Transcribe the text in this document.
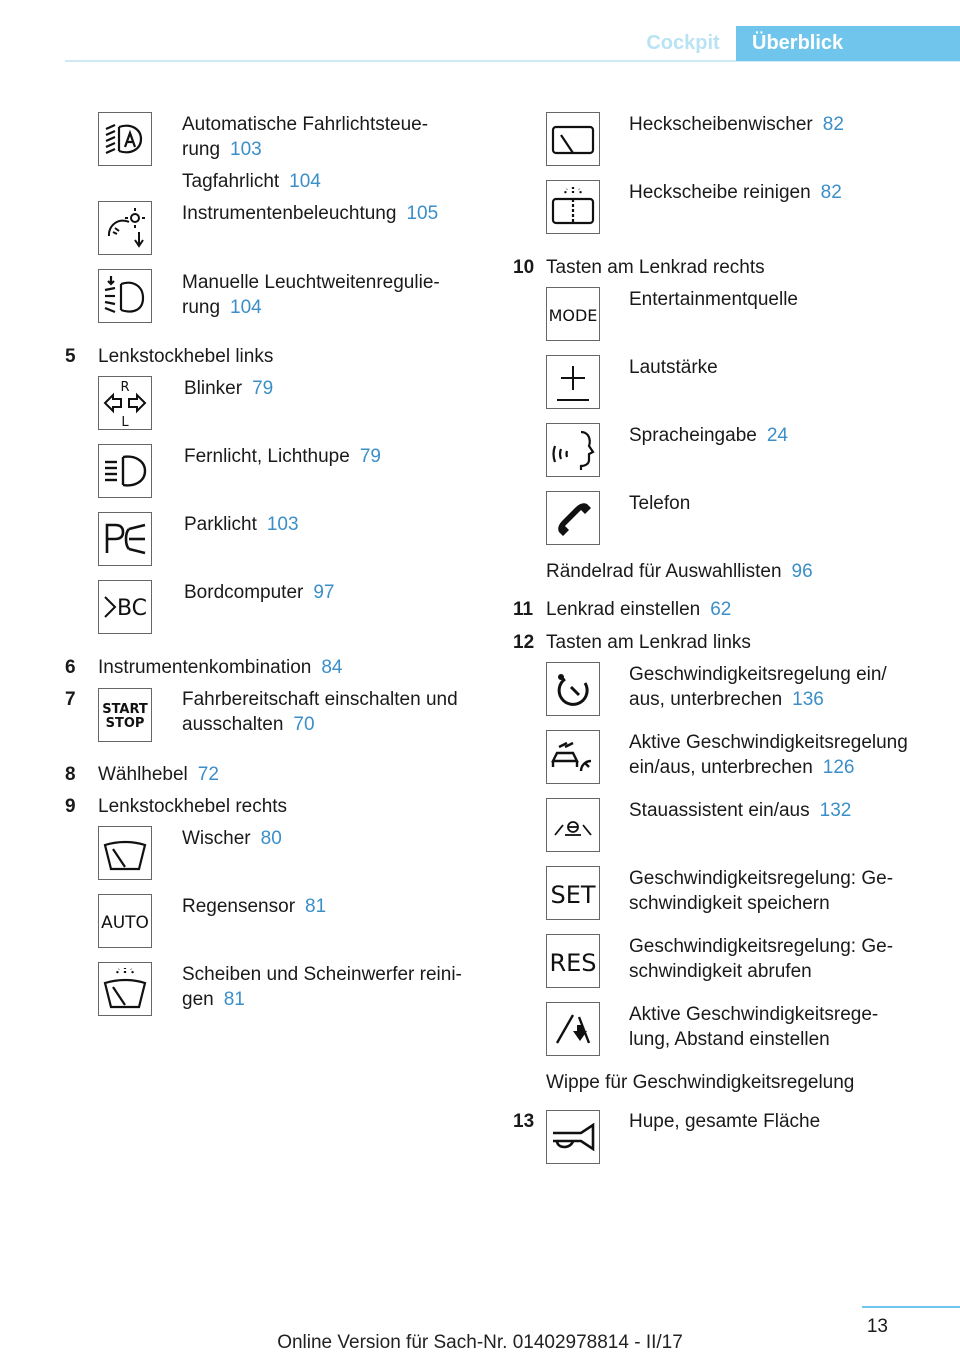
Cockpit	Überblick
Automatische Fahrlichtsteue-
rung 103
Tagfahrlicht 104
Instrumentenbeleuchtung 105
Manuelle Leuchtweitenregulie-
rung 104
5 Lenkstockhebel links
R
L
Blinker 79
Fernlicht, Lichthupe 79
Parklicht 103
BC
Bordcomputer 97
6 Instrumentenkombination 84
7 START
STOP
Fahrbereitschaft einschalten und
ausschalten 70
8 Wählhebel 72
9 Lenkstockhebel rechts
Wischer 80
AUTO
Regensensor 81
Scheiben und Scheinwerfer reini-
gen 81
Heckscheibenwischer 82
Heckscheibe reinigen 82
10 Tasten am Lenkrad rechts
MODE
Entertainmentquelle
Lautstärke
Spracheingabe 24
Telefon
Rändelrad für Auswahllisten 96
11 Lenkrad einstellen 62
12 Tasten am Lenkrad links
Geschwindigkeitsregelung ein/
aus, unterbrechen 136
Aktive Geschwindigkeitsregelung
ein/aus, unterbrechen 126
Stauassistent ein/aus 132
SET
Geschwindigkeitsregelung: Ge-
schwindigkeit speichern
RES
Geschwindigkeitsregelung: Ge-
schwindigkeit abrufen
Aktive Geschwindigkeitsrege-
lung, Abstand einstellen
Wippe für Geschwindigkeitsregelung
13	Hupe, gesamte Fläche
13
Online Version für Sach-Nr. 01402978814 - II/17
